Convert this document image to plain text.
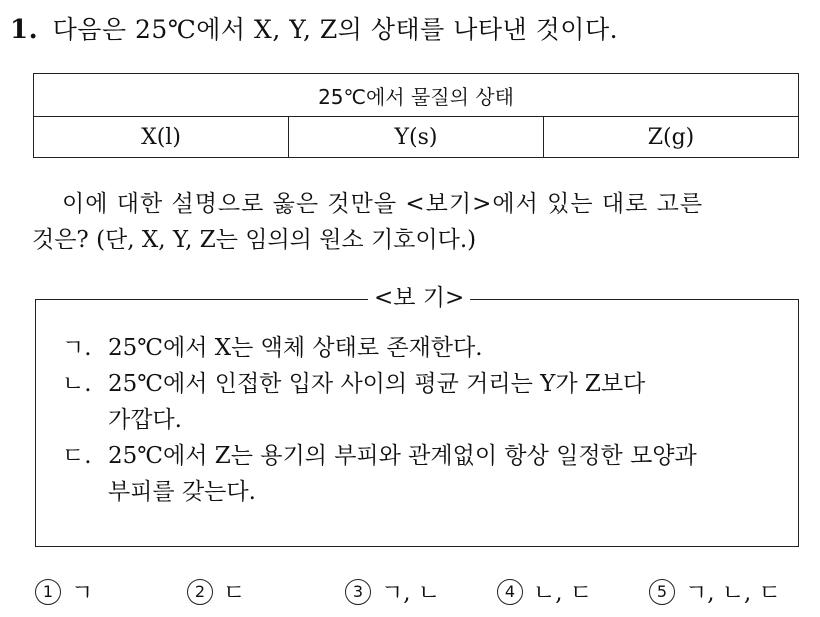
1. 다음은 25℃에서 X, Y, Z의 상태를 나타낸 것이다.
25℃에서 물질의 상태
X(l)	Y(s)	Z(g)
이에 대한 설명으로 옳은 것만을 <보기>에서 있는 대로 고른
것은? (단, X, Y, Z는 임의의 원소 기호이다.)
<보 기>
ㄱ. 25℃에서 X는 액체 상태로 존재한다.
ㄴ. 25℃에서 인접한 입자 사이의 평균 거리는 Y가 Z보다
가깝다.
ㄷ. 25℃에서 Z는 용기의 부피와 관계없이 항상 일정한 모양과
부피를 갖는다.
1 ㄱ	2 ㄷ	3 ㄱ, ㄴ	4 ㄴ, ㄷ	5 ㄱ, ㄴ, ㄷ
